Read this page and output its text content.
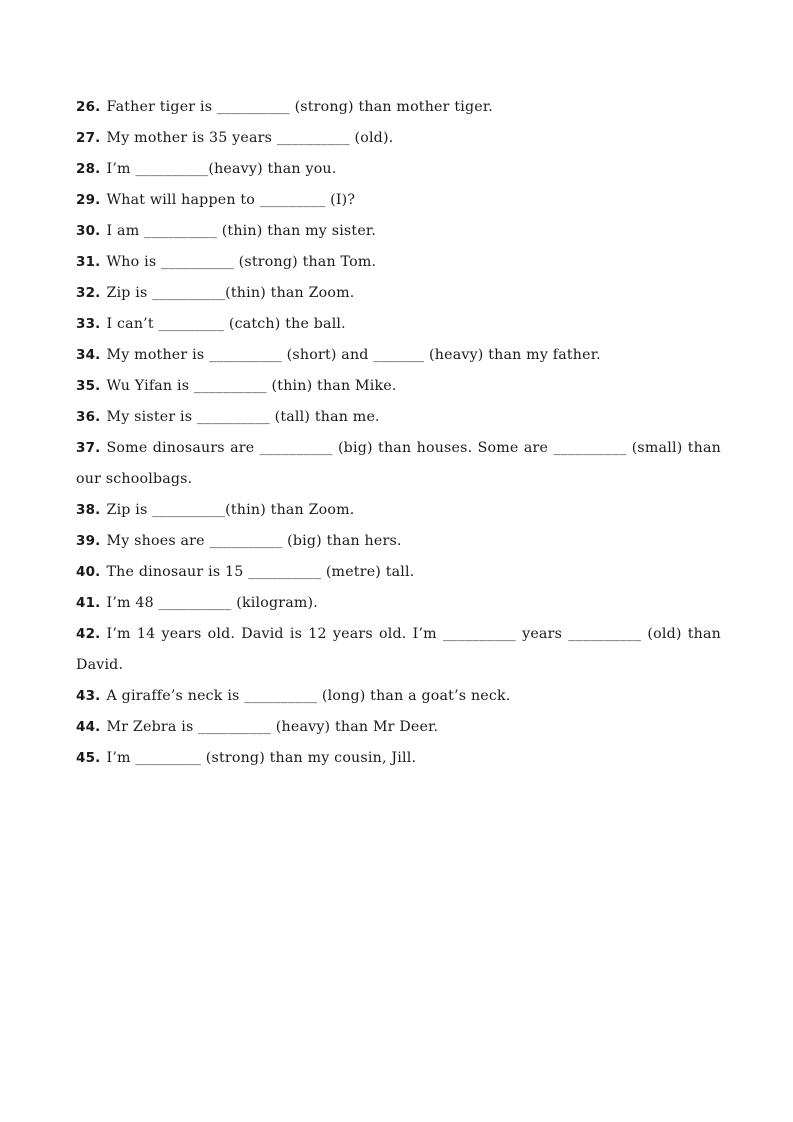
26. Father tiger is __________ (strong) than mother tiger.
27. My mother is 35 years __________ (old).
28. I’m __________(heavy) than you.
29. What will happen to _________ (I)?
30. I am __________ (thin) than my sister.
31. Who is __________ (strong) than Tom.
32. Zip is __________(thin) than Zoom.
33. I can’t _________ (catch) the ball.
34. My mother is __________ (short) and _______ (heavy) than my father.
35. Wu Yifan is __________ (thin) than Mike.
36. My sister is __________ (tall) than me.
37. Some dinosaurs are __________ (big) than houses. Some are __________ (small) than our schoolbags.
38. Zip is __________(thin) than Zoom.
39. My shoes are __________ (big) than hers.
40. The dinosaur is 15 __________ (metre) tall.
41. I’m 48 __________ (kilogram).
42. I’m 14 years old. David is 12 years old. I’m __________ years __________ (old) than David.
43. A giraffe’s neck is __________ (long) than a goat’s neck.
44. Mr Zebra is __________ (heavy) than Mr Deer.
45. I’m _________ (strong) than my cousin, Jill.
